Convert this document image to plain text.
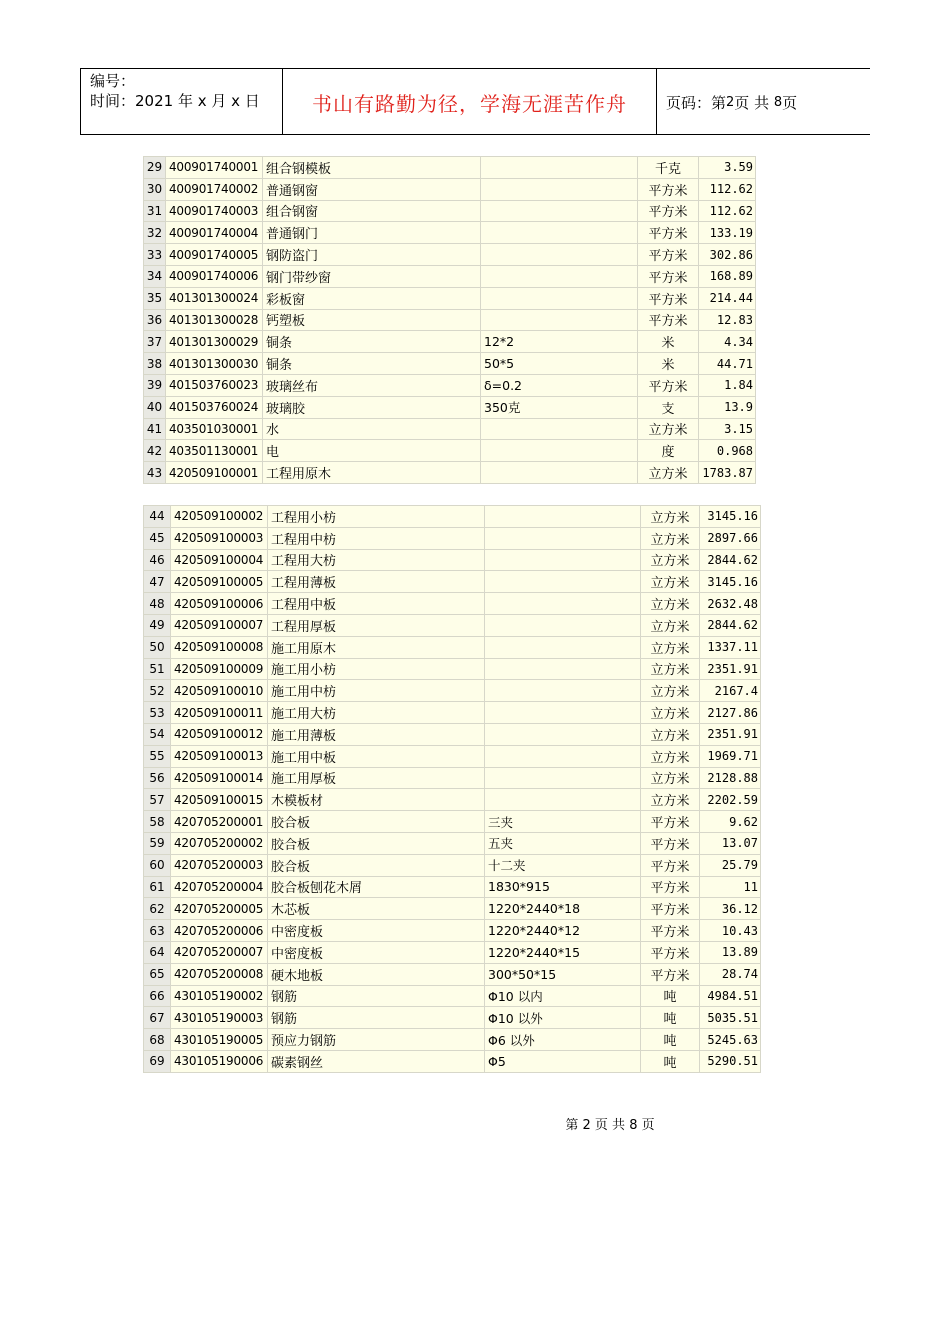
编号：
时间：2021 年 x 月 x 日	书山有路勤为径，学海无涯苦作舟	页码：第 2 页 共
8 页
29	400901740001	组合钢模板		千克	3.59
30	400901740002	普通钢窗		平方米	112.62
31	400901740003	组合钢窗		平方米	112.62
32	400901740004	普通钢门		平方米	133.19
33	400901740005	钢防盗门		平方米	302.86
34	400901740006	钢门带纱窗		平方米	168.89
35	401301300024	彩板窗		平方米	214.44
36	401301300028	钙塑板		平方米	12.83
37	401301300029	铜条	12*2	米	4.34
38	401301300030	铜条	50*5	米	44.71
39	401503760023	玻璃丝布	δ=0.2	平方米	1.84
40	401503760024	玻璃胶	350克	支	13.9
41	403501030001	水		立方米	3.15
42	403501130001	电		度	0.968
43	420509100001	工程用原木		立方米	1783.87
44	420509100002	工程用小枋		立方米	3145.16
45	420509100003	工程用中枋		立方米	2897.66
46	420509100004	工程用大枋		立方米	2844.62
47	420509100005	工程用薄板		立方米	3145.16
48	420509100006	工程用中板		立方米	2632.48
49	420509100007	工程用厚板		立方米	2844.62
50	420509100008	施工用原木		立方米	1337.11
51	420509100009	施工用小枋		立方米	2351.91
52	420509100010	施工用中枋		立方米	2167.4
53	420509100011	施工用大枋		立方米	2127.86
54	420509100012	施工用薄板		立方米	2351.91
55	420509100013	施工用中板		立方米	1969.71
56	420509100014	施工用厚板		立方米	2128.88
57	420509100015	木模板材		立方米	2202.59
58	420705200001	胶合板	三夹	平方米	9.62
59	420705200002	胶合板	五夹	平方米	13.07
60	420705200003	胶合板	十二夹	平方米	25.79
61	420705200004	胶合板刨花木屑	1830*915	平方米	11
62	420705200005	木芯板	1220*2440*18	平方米	36.12
63	420705200006	中密度板	1220*2440*12	平方米	10.43
64	420705200007	中密度板	1220*2440*15	平方米	13.89
65	420705200008	硬木地板	300*50*15	平方米	28.74
66	430105190002	钢筋	Φ10 以内	吨	4984.51
67	430105190003	钢筋	Φ10 以外	吨	5035.51
68	430105190005	预应力钢筋	Φ6 以外	吨	5245.63
69	430105190006	碳素钢丝	Φ5	吨	5290.51
第 2 页 共 8 页
